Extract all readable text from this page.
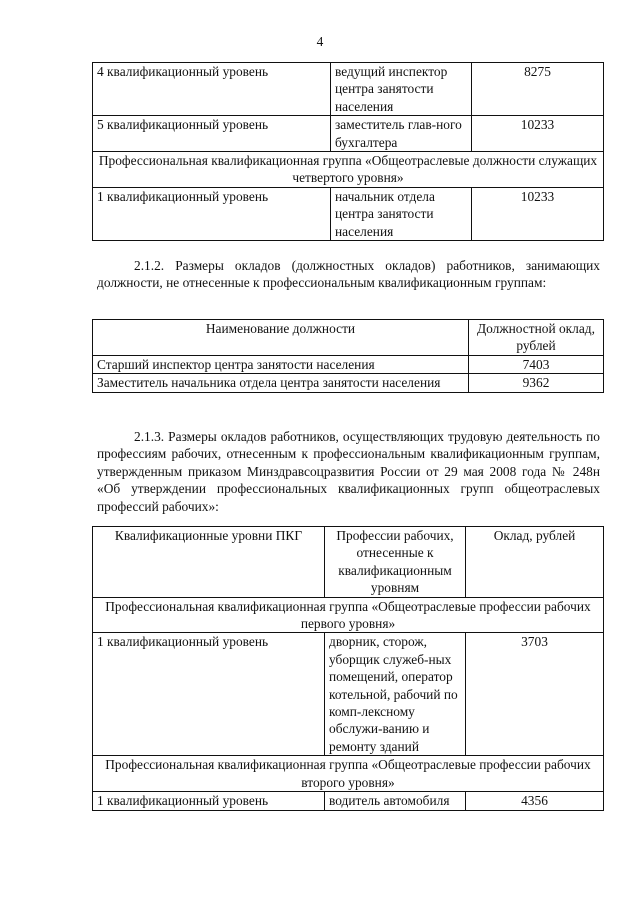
4
4 квалификационный уровень	ведущий инспектор центра занятости населения	8275
5 квалификационный уровень	заместитель глав-ного бухгалтера	10233
Профессиональная квалификационная группа «Общеотраслевые должности служащих четвертого уровня»		
1 квалификационный уровень	начальник отдела центра занятости населения	10233
2.1.2. Размеры окладов (должностных окладов) работников, занимающих должности, не отнесенные к профессиональным квалификационным группам:
Наименование должности	Должностной оклад, рублей
Старший инспектор центра занятости населения	7403
Заместитель начальника отдела центра занятости населения	9362
2.1.3. Размеры окладов работников, осуществляющих трудовую деятельность по профессиям рабочих, отнесенным к профессиональным квалификационным группам, утвержденным приказом Минздравсоцразвития России от 29 мая 2008 года № 248н «Об утверждении профессиональных квалификационных групп общеотраслевых профессий рабочих»:
Квалификационные уровни ПКГ	Профессии рабочих, отнесенные к квалификационным уровням	Оклад, рублей
Профессиональная квалификационная группа «Общеотраслевые профессии рабочих первого уровня»		
1 квалификационный уровень	дворник, сторож, уборщик служеб-ных помещений, оператор котельной, рабочий по комп-лексному обслужи-ванию и ремонту зданий	3703
Профессиональная квалификационная группа «Общеотраслевые профессии рабочих второго уровня»		
1 квалификационный уровень	водитель автомобиля	4356
